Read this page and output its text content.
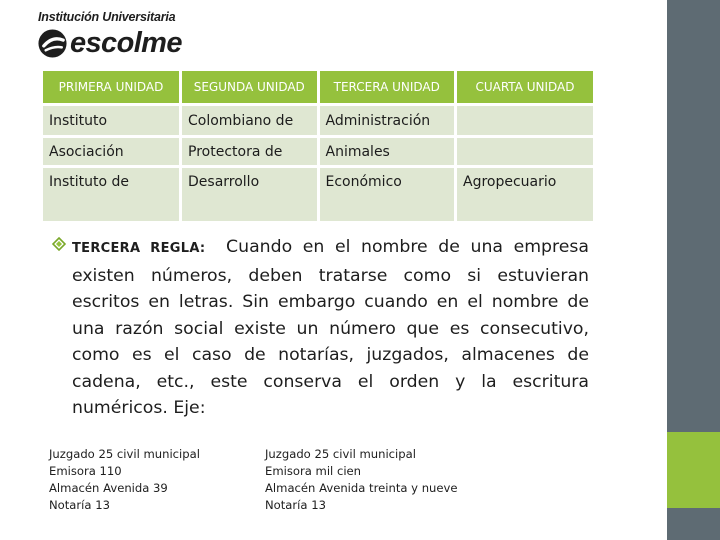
Institución Universitaria
escolme
PRIMERA UNIDAD	SEGUNDA UNIDAD	TERCERA UNIDAD	CUARTA UNIDAD
Instituto	Colombiano de	Administración	
Asociación	Protectora de	Animales	
Instituto de	Desarrollo	Económico	Agropecuario
TERCERA REGLA: Cuando en el nombre de una empresa existen números, deben tratarse como si estuvieran escritos en letras. Sin embargo cuando en el nombre de una razón social existe un número que es consecutivo, como es el caso de notarías, juzgados, almacenes de cadena, etc., este conserva el orden y la escritura numéricos. Eje:
Juzgado 25 civil municipal
Emisora 110
Almacén Avenida 39
Notaría 13
Juzgado 25 civil municipal
Emisora mil cien
Almacén Avenida treinta y nueve
Notaría 13
